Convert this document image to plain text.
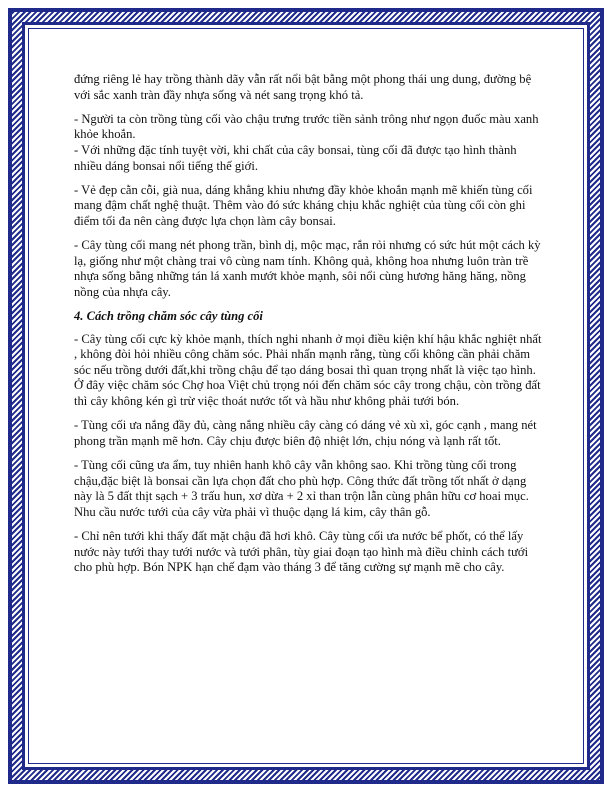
đứng riêng lẻ hay trồng thành dãy vẫn rất nổi bật bằng một phong thái ung dung, đường bệ với sắc xanh tràn đầy nhựa sống và nét sang trọng khó tả.

- Người ta còn trồng tùng cối vào chậu trưng trước tiền sảnh trông như ngọn đuốc màu xanh khỏe khoắn.
- Với những đặc tính tuyệt vời, khi chất của cây bonsai, tùng cối đã được tạo hình thành nhiều dáng bonsai nổi tiếng thế giới.

- Vẻ đẹp cằn cỗi, già nua, dáng khẳng khiu nhưng đầy khỏe khoắn mạnh mẽ khiến tùng cối mang đậm chất nghệ thuật. Thêm vào đó sức kháng chịu khắc nghiệt của tùng cối còn ghi điểm tối đa nên càng được lựa chọn làm cây bonsai.

- Cây tùng cối mang nét phong trần, bình dị, mộc mạc, rắn rỏi nhưng có sức hút một cách kỳ lạ, giống như một chàng trai vô cùng nam tính. Không quả, không hoa nhưng luôn tràn trề nhựa sống bằng những tán lá xanh mướt khỏe mạnh, sôi nổi cùng hương hăng hăng, nồng nồng của nhựa cây.

4. Cách trồng chăm sóc cây tùng cối

- Cây tùng cối cực kỳ khỏe mạnh, thích nghi nhanh ở mọi điều kiện khí hậu khắc nghiệt nhất , không đòi hỏi nhiều công chăm sóc. Phải nhấn mạnh rằng, tùng cối không cần phải chăm sóc nếu trồng dưới đất,khi trồng chậu để tạo dáng bosai thì quan trọng nhất là việc tạo hình. Ở đây việc chăm sóc Chợ hoa Việt chủ trọng nói đến chăm sóc cây trong chậu, còn trồng đất thì cây không kén gì trừ việc thoát nước tốt và hầu như không phải tưới bón.

- Tùng cối ưa nắng đầy đủ, càng nắng nhiều cây càng có dáng vẻ xù xì, góc cạnh , mang nét phong trần mạnh mẽ hơn. Cây chịu được biên độ nhiệt lớn, chịu nóng và lạnh rất tốt.

- Tùng cối cũng ưa ẩm, tuy nhiên hanh khô cây vẫn không sao. Khi trồng tùng cối trong chậu,đặc biệt là bonsai cần lựa chọn đất cho phù hợp. Công thức đất trồng tốt nhất ở dạng này là 5 đất thịt sạch + 3 trấu hun, xơ dừa + 2 xỉ than trộn lẫn cùng phân hữu cơ hoai mục. Nhu cầu nước tưới của cây vừa phải vì thuộc dạng lá kim, cây thân gỗ.

- Chỉ nên tưới khi thấy đất mặt chậu đã hơi khô. Cây tùng cối ưa nước bể phốt, có thể lấy nước này tưới thay tưới nước và tưới phân, tùy giai đoạn tạo hình mà điều chỉnh cách tưới cho phù hợp. Bón NPK hạn chế đạm vào tháng 3 để tăng cường sự mạnh mẽ cho cây.
